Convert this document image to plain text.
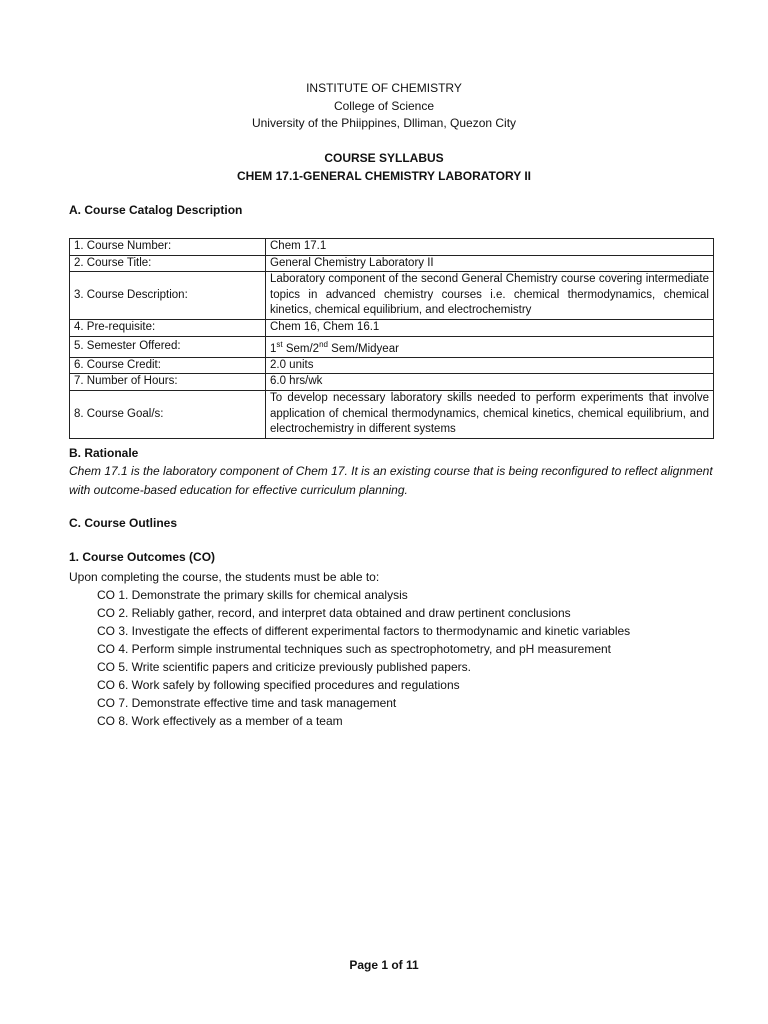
INSTITUTE OF CHEMISTRY
College of Science
University of the Phiippines, Dlliman, Quezon City
COURSE SYLLABUS
CHEM 17.1-GENERAL CHEMISTRY LABORATORY II
A. Course Catalog Description
1. Course Number:	Chem 17.1
2. Course Title:	General Chemistry Laboratory II
3. Course Description:	Laboratory component of the second General Chemistry course covering intermediate topics in advanced chemistry courses i.e. chemical thermodynamics, chemical kinetics, chemical equilibrium, and electrochemistry
4. Pre-requisite:	Chem 16, Chem 16.1
5. Semester Offered:	1st Sem/2nd Sem/Midyear
6. Course Credit:	2.0 units
7. Number of Hours:	6.0 hrs/wk
8. Course Goal/s:	To develop necessary laboratory skills needed to perform experiments that involve application of chemical thermodynamics, chemical kinetics, chemical equilibrium, and electrochemistry in different systems
B. Rationale
Chem 17.1 is the laboratory component of Chem 17. It is an existing course that is being reconfigured to reflect alignment with outcome-based education for effective curriculum planning.
C. Course Outlines
1. Course Outcomes (CO)
Upon completing the course, the students must be able to:
CO 1. Demonstrate the primary skills for chemical analysis
CO 2. Reliably gather, record, and interpret data obtained and draw pertinent conclusions
CO 3. Investigate the effects of different experimental factors to thermodynamic and kinetic variables
CO 4. Perform simple instrumental techniques such as spectrophotometry, and pH measurement
CO 5. Write scientific papers and criticize previously published papers.
CO 6. Work safely by following specified procedures and regulations
CO 7. Demonstrate effective time and task management
CO 8. Work effectively as a member of a team
Page 1 of 11
